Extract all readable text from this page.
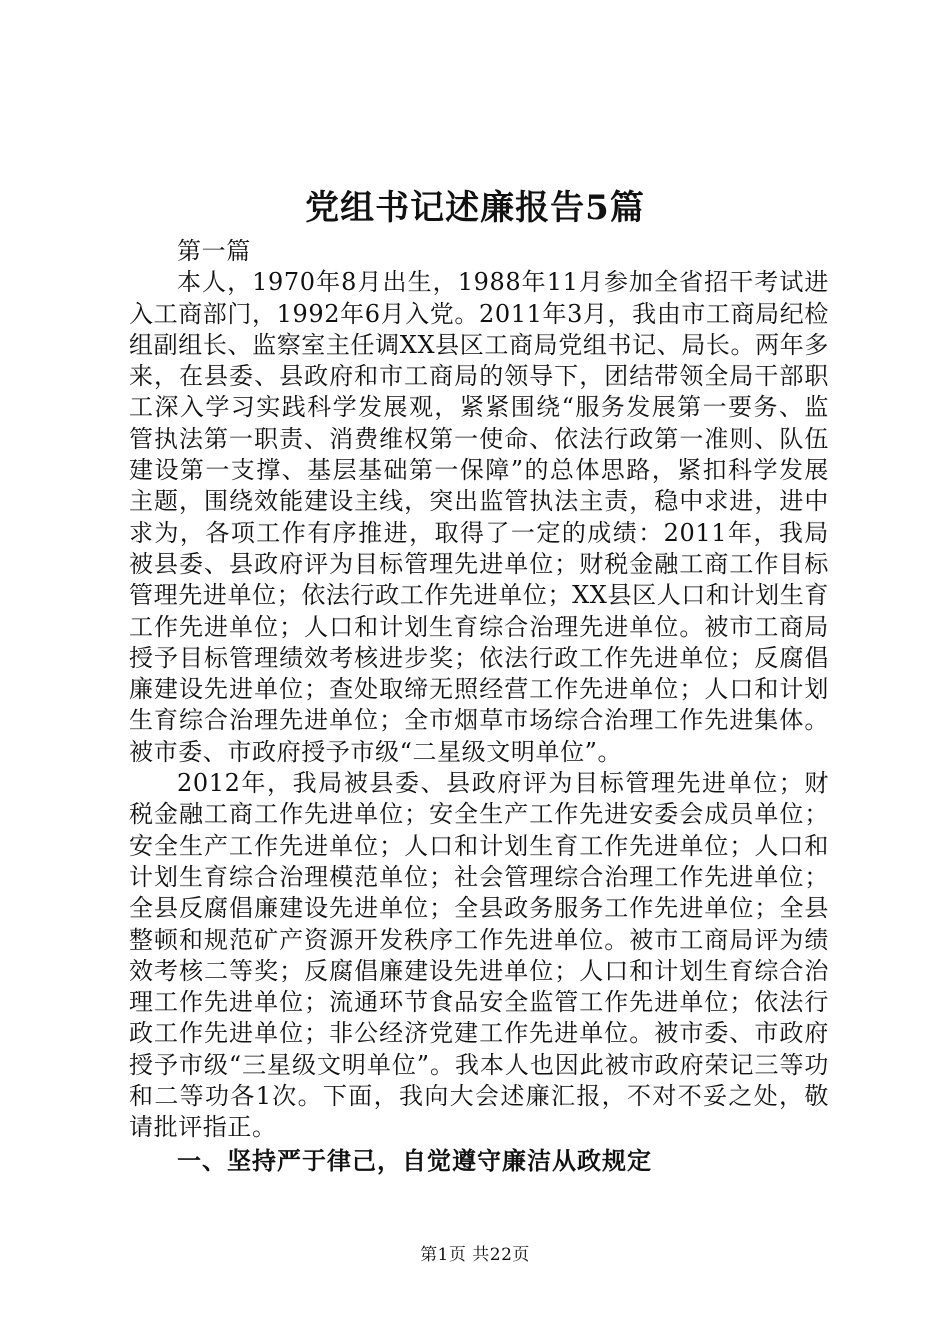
党组书记述廉报告5篇

第一篇

本人，1970年8月出生，1988年11月参加全省招干考试进入工商部门，1992年6月入党。2011年3月，我由市工商局纪检组副组长、监察室主任调XX县区工商局党组书记、局长。两年多来，在县委、县政府和市工商局的领导下，团结带领全局干部职工深入学习实践科学发展观，紧紧围绕“服务发展第一要务、监管执法第一职责、消费维权第一使命、依法行政第一准则、队伍建设第一支撑、基层基础第一保障”的总体思路，紧扣科学发展主题，围绕效能建设主线，突出监管执法主责，稳中求进，进中求为，各项工作有序推进，取得了一定的成绩：2011年，我局被县委、县政府评为目标管理先进单位；财税金融工商工作目标管理先进单位；依法行政工作先进单位；XX县区人口和计划生育工作先进单位；人口和计划生育综合治理先进单位。被市工商局授予目标管理绩效考核进步奖；依法行政工作先进单位；反腐倡廉建设先进单位；查处取缔无照经营工作先进单位；人口和计划生育综合治理先进单位；全市烟草市场综合治理工作先进集体。被市委、市政府授予市级“二星级文明单位”。

2012年，我局被县委、县政府评为目标管理先进单位；财税金融工商工作先进单位；安全生产工作先进安委会成员单位；安全生产工作先进单位；人口和计划生育工作先进单位；人口和计划生育综合治理模范单位；社会管理综合治理工作先进单位；全县反腐倡廉建设先进单位；全县政务服务工作先进单位；全县整顿和规范矿产资源开发秩序工作先进单位。被市工商局评为绩效考核二等奖；反腐倡廉建设先进单位；人口和计划生育综合治理工作先进单位；流通环节食品安全监管工作先进单位；依法行政工作先进单位；非公经济党建工作先进单位。被市委、市政府授予市级“三星级文明单位”。我本人也因此被市政府荣记三等功和二等功各1次。下面，我向大会述廉汇报，不对不妥之处，敬请批评指正。

一、坚持严于律己，自觉遵守廉洁从政规定

第1页 共22页
